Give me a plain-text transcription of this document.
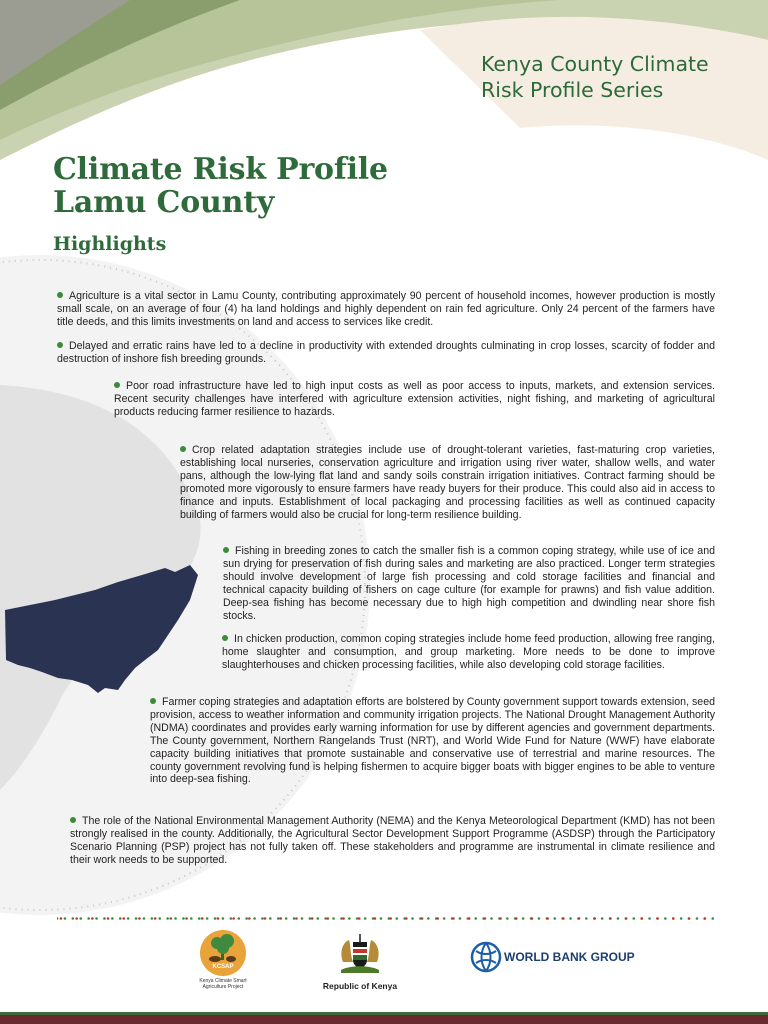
Kenya County Climate
Risk Profile Series
Climate Risk Profile
Lamu County
Highlights
Agriculture is a vital sector in Lamu County, contributing approximately 90 percent of household incomes, however production is mostly small scale, on an average of four (4) ha land holdings and highly dependent on rain fed agriculture. Only 24 percent of the farmers have title deeds, and this limits investments on land and access to services like credit.
Delayed and erratic rains have led to a decline in productivity with extended droughts culminating in crop losses, scarcity of fodder and destruction of inshore fish breeding grounds.
Poor road infrastructure have led to high input costs as well as poor access to inputs, markets, and extension services. Recent security challenges have interfered with agriculture extension activities, night fishing, and marketing of agricultural products reducing farmer resilience to hazards.
Crop related adaptation strategies include use of drought-tolerant varieties, fast-maturing crop varieties, establishing local nurseries, conservation agriculture and irrigation using river water, shallow wells, and water pans, although the low-lying flat land and sandy soils constrain irrigation initiatives. Contract farming should be promoted more vigorously to ensure farmers have ready buyers for their produce. This could also aid in access to finance and inputs. Establishment of local packaging and processing facilities as well as continued capacity building of farmers would also be crucial for long-term resilience building.
Fishing in breeding zones to catch the smaller fish is a common coping strategy, while use of ice and sun drying for preservation of fish during sales and marketing are also practiced. Longer term strategies should involve development of large fish processing and cold storage facilities and financial and technical capacity building of fishers on cage culture (for example for prawns) and fish value addition. Deep-sea fishing has become necessary due to high high competition and dwindling near shore fish stocks.
In chicken production, common coping strategies include home feed production, allowing free ranging, home slaughter and consumption, and group marketing. More needs to be done to improve slaughterhouses and chicken processing facilities, while also developing cold storage facilities.
Farmer coping strategies and adaptation efforts are bolstered by County government support towards extension, seed provision, access to weather information and community irrigation projects. The National Drought Management Authority (NDMA) coordinates and provides early warning information for use by different agencies and government departments. The County government, Northern Rangelands Trust (NRT), and World Wide Fund for Nature (WWF) have elaborate capacity building initiatives that promote sustainable and conservative use of terrestrial and marine resources. The county government revolving fund is helping fishermen to acquire bigger boats with bigger engines to be able to venture into deep-sea fishing.
The role of the National Environmental Management Authority (NEMA) and the Kenya Meteorological Department (KMD) has not been strongly realised in the county. Additionally, the Agricultural Sector Development Support Programme (ASDSP) through the Participatory Scenario Planning (PSP) project has not fully taken off. These stakeholders and programme are instrumental in climate resilience and their work needs to be supported.
KCSAP
Kenya Climate Smart Agriculture Project	Republic of Kenya
WORLD BANK GROUP
